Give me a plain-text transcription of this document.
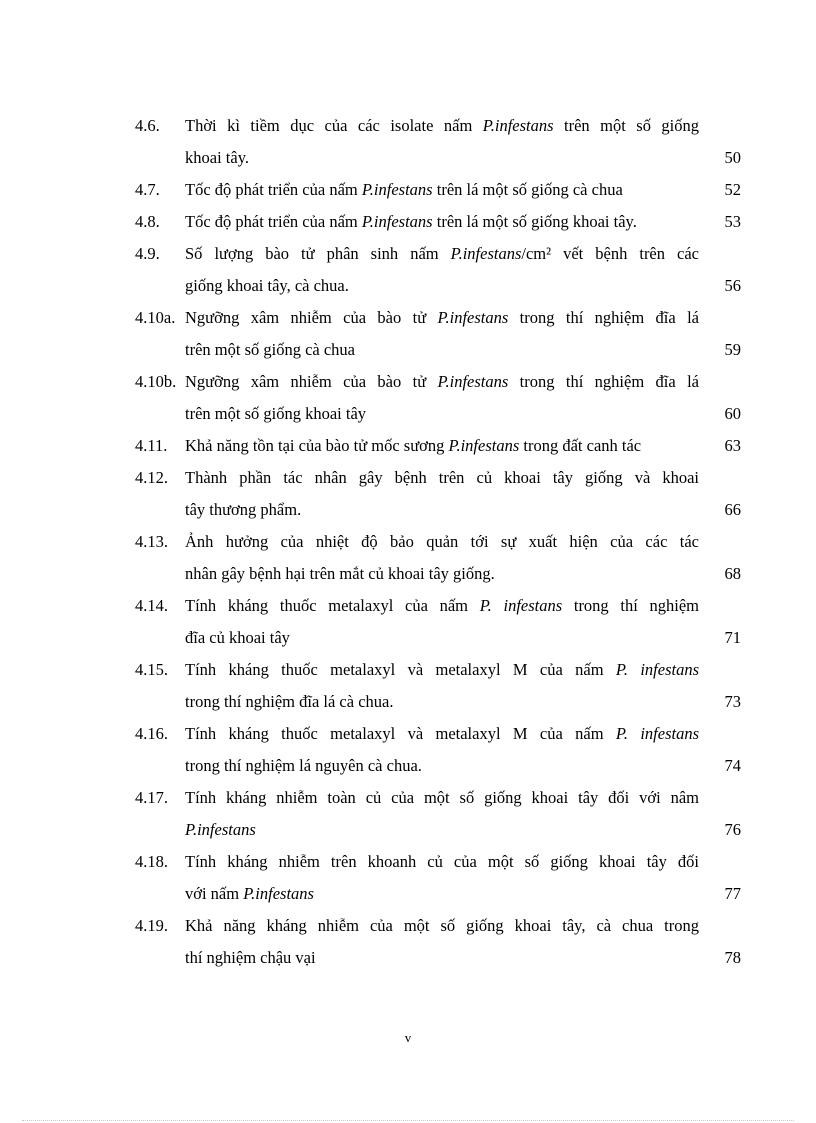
4.6.	Thời kì tiềm dục của các isolate nấm P.infestans trên một số giống
khoai tây.	50
4.7.	Tốc độ phát triển của nấm P.infestans trên lá một số giống cà chua	52
4.8.	Tốc độ phát triển của nấm P.infestans trên lá một số giống khoai tây.	53
4.9.	Số lượng bào tử phân sinh nấm P.infestans/cm² vết bệnh trên các
giống khoai tây, cà chua.	56
4.10a. Ngưỡng xâm nhiễm của bào tử P.infestans trong thí nghiệm đĩa lá
trên một số giống cà chua	59
4.10b. Ngưỡng xâm nhiễm của bào tử P.infestans trong thí nghiệm đĩa lá
trên một số giống khoai tây	60
4.11.	Khả năng tồn tại của bào tử mốc sương P.infestans trong đất canh tác	63
4.12.	Thành phần tác nhân gây bệnh trên củ khoai tây giống và khoai
tây thương phẩm.	66
4.13.	Ảnh hưởng của nhiệt độ bảo quản tới sự xuất hiện của các tác
nhân gây bệnh hại trên mắt củ khoai tây giống.	68
4.14.	Tính kháng thuốc metalaxyl của nấm P. infestans trong thí nghiệm
đĩa củ khoai tây	71
4.15.	Tính kháng thuốc metalaxyl và metalaxyl M của nấm P. infestans
trong thí nghiệm đĩa lá cà chua.	73
4.16.	Tính kháng thuốc metalaxyl và metalaxyl M của nấm P. infestans
trong thí nghiệm lá nguyên cà chua.	74
4.17.	Tính kháng nhiễm toàn củ của một số giống khoai tây đối với nâm
P.infestans	76
4.18.	Tính kháng nhiễm trên khoanh củ của một số giống khoai tây đối
với nấm P.infestans	77
4.19.	Khả năng kháng nhiễm của một số giống khoai tây, cà chua trong
thí nghiệm chậu vại	78
v
